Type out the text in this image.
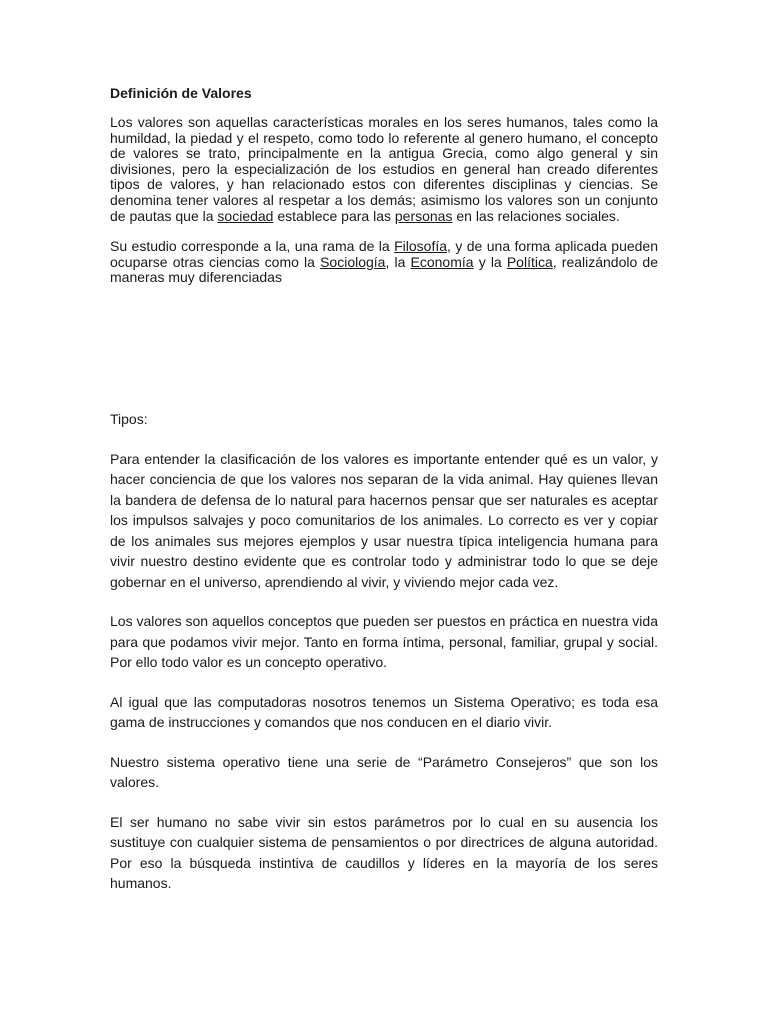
Definición de Valores

Los valores son aquellas características morales en los seres humanos, tales como la humildad, la piedad y el respeto, como todo lo referente al genero humano, el concepto de valores se trato, principalmente en la antigua Grecia, como algo general y sin divisiones, pero la especialización de los estudios en general han creado diferentes tipos de valores, y han relacionado estos con diferentes disciplinas y ciencias. Se denomina tener valores al respetar a los demás; asimismo los valores son un conjunto de pautas que la sociedad establece para las personas en las relaciones sociales.

Su estudio corresponde a la, una rama de la Filosofía, y de una forma aplicada pueden ocuparse otras ciencias como la Sociología, la Economía y la Política, realizándolo de maneras muy diferenciadas

Tipos:

Para entender la clasificación de los valores es importante entender qué es un valor, y hacer conciencia de que los valores nos separan de la vida animal. Hay quienes llevan la bandera de defensa de lo natural para hacernos pensar que ser naturales es aceptar los impulsos salvajes y poco comunitarios de los animales. Lo correcto es ver y copiar de los animales sus mejores ejemplos y usar nuestra típica inteligencia humana para vivir nuestro destino evidente que es controlar todo y administrar todo lo que se deje gobernar en el universo, aprendiendo al vivir, y viviendo mejor cada vez.

Los valores son aquellos conceptos que pueden ser puestos en práctica en nuestra vida para que podamos vivir mejor. Tanto en forma íntima, personal, familiar, grupal y social. Por ello todo valor es un concepto operativo.

Al igual que las computadoras nosotros tenemos un Sistema Operativo; es toda esa gama de instrucciones y comandos que nos conducen en el diario vivir.

Nuestro sistema operativo tiene una serie de “Parámetro Consejeros” que son los valores.

El ser humano no sabe vivir sin estos parámetros por lo cual en su ausencia los sustituye con cualquier sistema de pensamientos o por directrices de alguna autoridad. Por eso la búsqueda instintiva de caudillos y líderes en la mayoría de los seres humanos.
